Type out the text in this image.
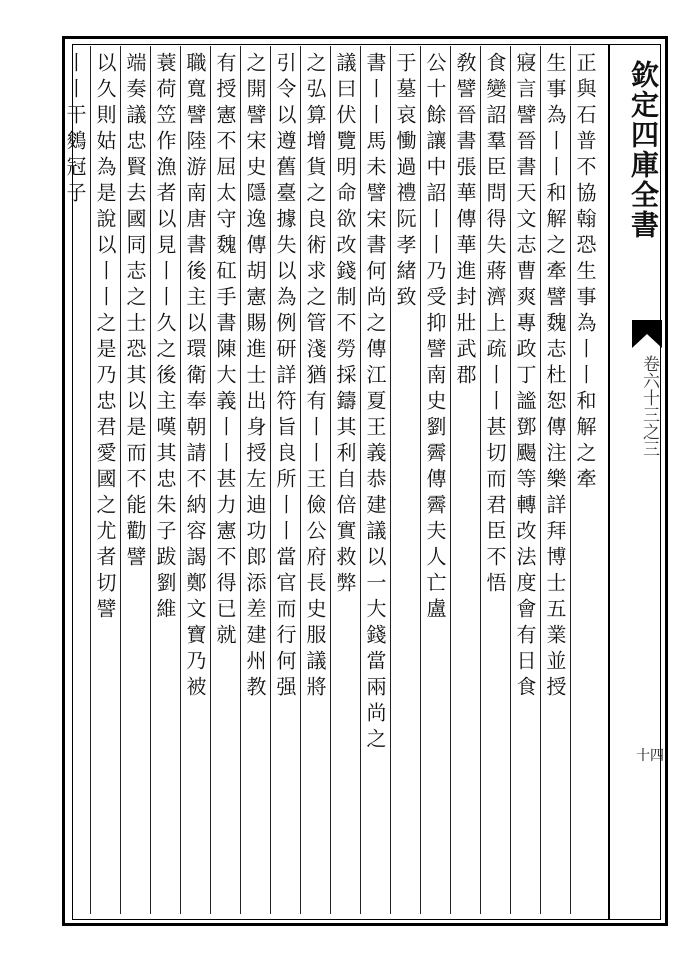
欽定四庫全書
卷六十三之三
十四
正與石普不協翰恐生事為丨丨和解之牽
生事為丨丨和解之牽譬魏志杜恕傳注樂詳拜博士五業並授
寢言譬晉書天文志曹爽專政丁謐鄧颺等轉改法度會有日食
食變詔羣臣問得失蔣濟上疏丨丨甚切而君臣不悟
敎譬晉書張華傳華進封壯武郡
公十餘讓中詔丨丨乃受抑譬南史劉霽傳霽夫人亡盧
于墓哀慟過禮阮孝緒致
書丨丨馬未譬宋書何尚之傳江夏王義恭建議以一大錢當兩尚之
議曰伏覽明命欲改錢制不勞採鑄其利自倍實救弊
之弘算增貨之良術求之管淺猶有丨丨王儉公府長史服議將
引令以遵舊臺據失以為例研詳符旨良所丨丨當官而行何强
之開譬宋史隱逸傳胡憲賜進士出身授左迪功郎添差建州教
有授憲不屈太守魏矼手書陳大義丨丨甚力憲不得已就
職寬譬陸游南唐書後主以環衛奉朝請不納容謁鄭文寶乃被
蓑荷笠作漁者以見丨丨久之後主嘆其忠朱子跋劉維
端奏議忠賢去國同志之士恐其以是而不能勸譬
以久則姑為是說以丨丨之是乃忠君愛國之尤者切譬
丨丨干鵕冠子
